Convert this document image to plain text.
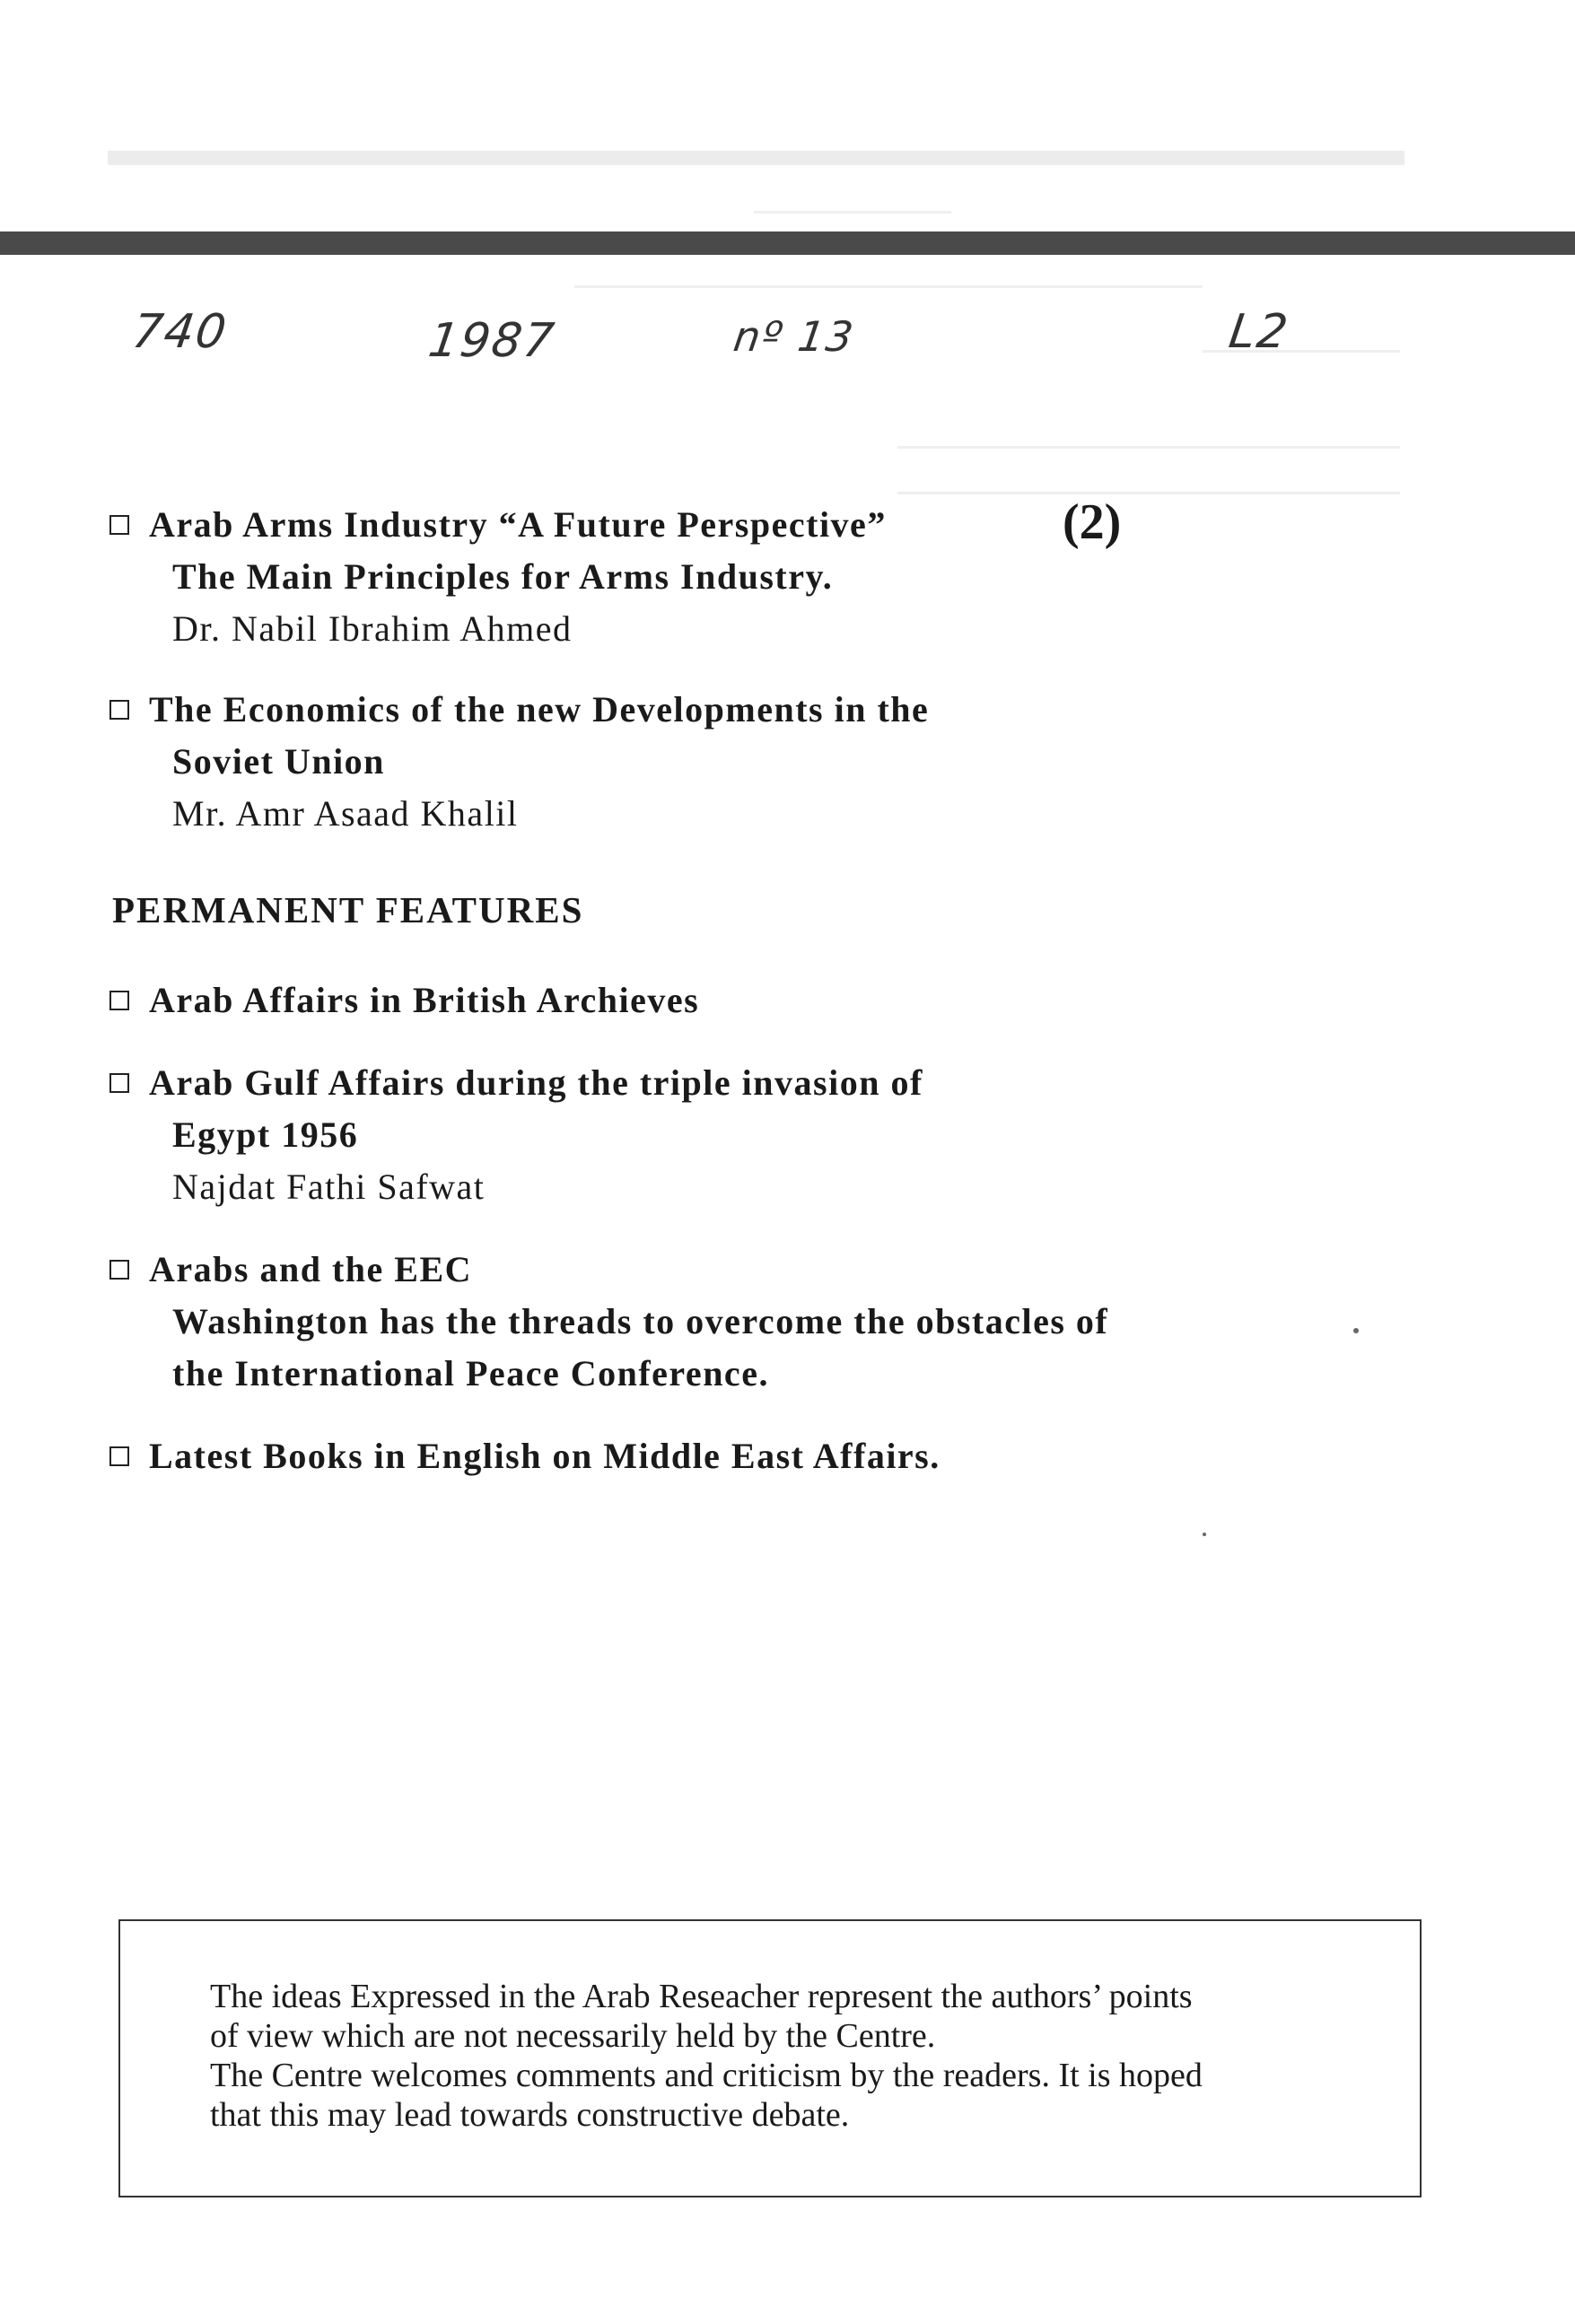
740	1987	nº 13	L2
Arab Arms Industry “A Future Perspective”
The Main Principles for Arms Industry.
Dr. Nabil Ibrahim Ahmed
(2)
The Economics of the new Developments in the
Soviet Union
Mr. Amr Asaad Khalil
PERMANENT FEATURES
Arab Affairs in British Archieves
Arab Gulf Affairs during the triple invasion of
Egypt 1956
Najdat Fathi Safwat
Arabs and the EEC
Washington has the threads to overcome the obstacles of
the International Peace Conference.
Latest Books in English on Middle East Affairs.

The ideas Expressed in the Arab Reseacher represent the authors’ points

of view which are not necessarily held by the Centre.

The Centre welcomes comments and criticism by the readers. It is hoped

that this may lead towards constructive debate.
